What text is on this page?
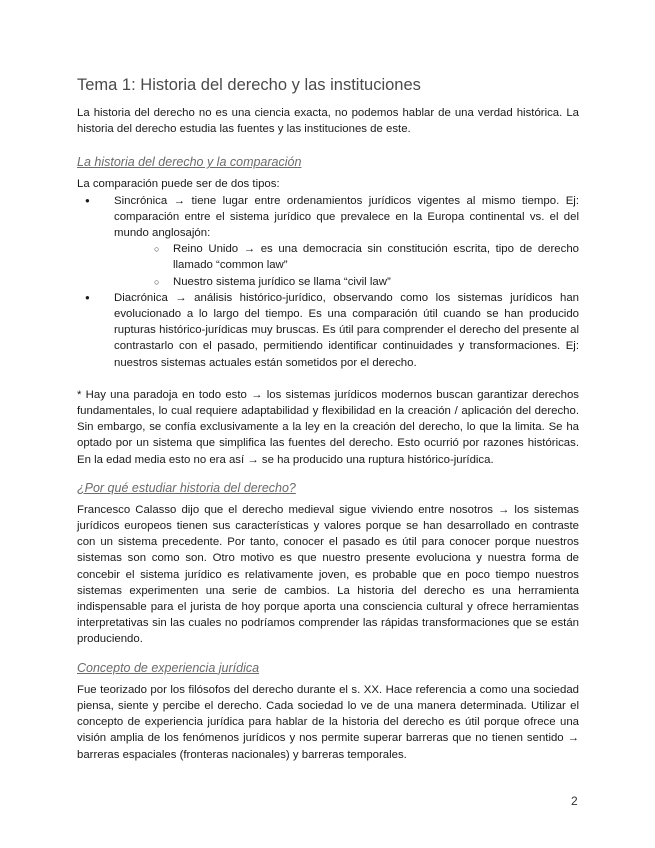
Tema 1: Historia del derecho y las instituciones

La historia del derecho no es una ciencia exacta, no podemos hablar de una verdad histórica. La historia del derecho estudia las fuentes y las instituciones de este.

La historia del derecho y la comparación

La comparación puede ser de dos tipos:

● Sincrónica → tiene lugar entre ordenamientos jurídicos vigentes al mismo tiempo. Ej: comparación entre el sistema jurídico que prevalece en la Europa continental vs. el del mundo anglosajón:
○ Reino Unido → es una democracia sin constitución escrita, tipo de derecho llamado “common law”
○ Nuestro sistema jurídico se llama “civil law”
● Diacrónica → análisis histórico-jurídico, observando como los sistemas jurídicos han evolucionado a lo largo del tiempo. Es una comparación útil cuando se han producido rupturas histórico-jurídicas muy bruscas. Es útil para comprender el derecho del presente al contrastarlo con el pasado, permitiendo identificar continuidades y transformaciones. Ej: nuestros sistemas actuales están sometidos por el derecho.

* Hay una paradoja en todo esto → los sistemas jurídicos modernos buscan garantizar derechos fundamentales, lo cual requiere adaptabilidad y flexibilidad en la creación / aplicación del derecho. Sin embargo, se confía exclusivamente a la ley en la creación del derecho, lo que la limita. Se ha optado por un sistema que simplifica las fuentes del derecho. Esto ocurrió por razones históricas. En la edad media esto no era así → se ha producido una ruptura histórico-jurídica.

¿Por qué estudiar historia del derecho?

Francesco Calasso dijo que el derecho medieval sigue viviendo entre nosotros → los sistemas jurídicos europeos tienen sus características y valores porque se han desarrollado en contraste con un sistema precedente. Por tanto, conocer el pasado es útil para conocer porque nuestros sistemas son como son. Otro motivo es que nuestro presente evoluciona y nuestra forma de concebir el sistema jurídico es relativamente joven, es probable que en poco tiempo nuestros sistemas experimenten una serie de cambios. La historia del derecho es una herramienta indispensable para el jurista de hoy porque aporta una consciencia cultural y ofrece herramientas interpretativas sin las cuales no podríamos comprender las rápidas transformaciones que se están produciendo.

Concepto de experiencia jurídica

Fue teorizado por los filósofos del derecho durante el s. XX. Hace referencia a como una sociedad piensa, siente y percibe el derecho. Cada sociedad lo ve de una manera determinada. Utilizar el concepto de experiencia jurídica para hablar de la historia del derecho es útil porque ofrece una visión amplia de los fenómenos jurídicos y nos permite superar barreras que no tienen sentido → barreras espaciales (fronteras nacionales) y barreras temporales.

2
